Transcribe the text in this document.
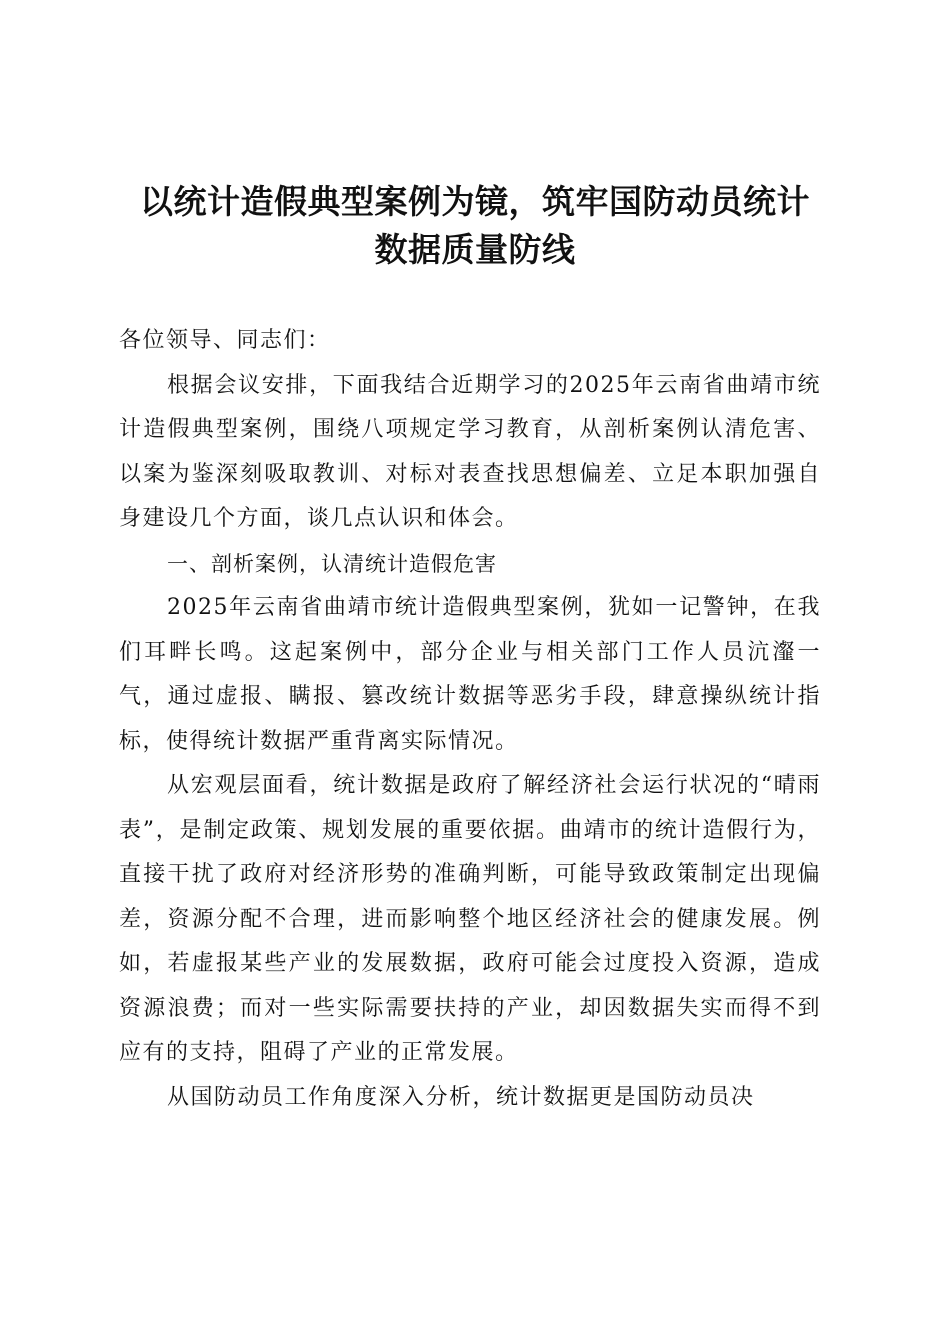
以统计造假典型案例为镜，筑牢国防动员统计
数据质量防线

各位领导、同志们：

根据会议安排，下面我结合近期学习的2025年云南省曲靖市统计造假典型案例，围绕八项规定学习教育，从剖析案例认清危害、以案为鉴深刻吸取教训、对标对表查找思想偏差、立足本职加强自身建设几个方面，谈几点认识和体会。

一、剖析案例，认清统计造假危害

2025年云南省曲靖市统计造假典型案例，犹如一记警钟，在我们耳畔长鸣。这起案例中，部分企业与相关部门工作人员沆瀣一气，通过虚报、瞒报、篡改统计数据等恶劣手段，肆意操纵统计指标，使得统计数据严重背离实际情况。

从宏观层面看，统计数据是政府了解经济社会运行状况的“晴雨表”，是制定政策、规划发展的重要依据。曲靖市的统计造假行为，直接干扰了政府对经济形势的准确判断，可能导致政策制定出现偏差，资源分配不合理，进而影响整个地区经济社会的健康发展。例如，若虚报某些产业的发展数据，政府可能会过度投入资源，造成资源浪费；而对一些实际需要扶持的产业，却因数据失实而得不到应有的支持，阻碍了产业的正常发展。

从国防动员工作角度深入分析，统计数据更是国防动员决
